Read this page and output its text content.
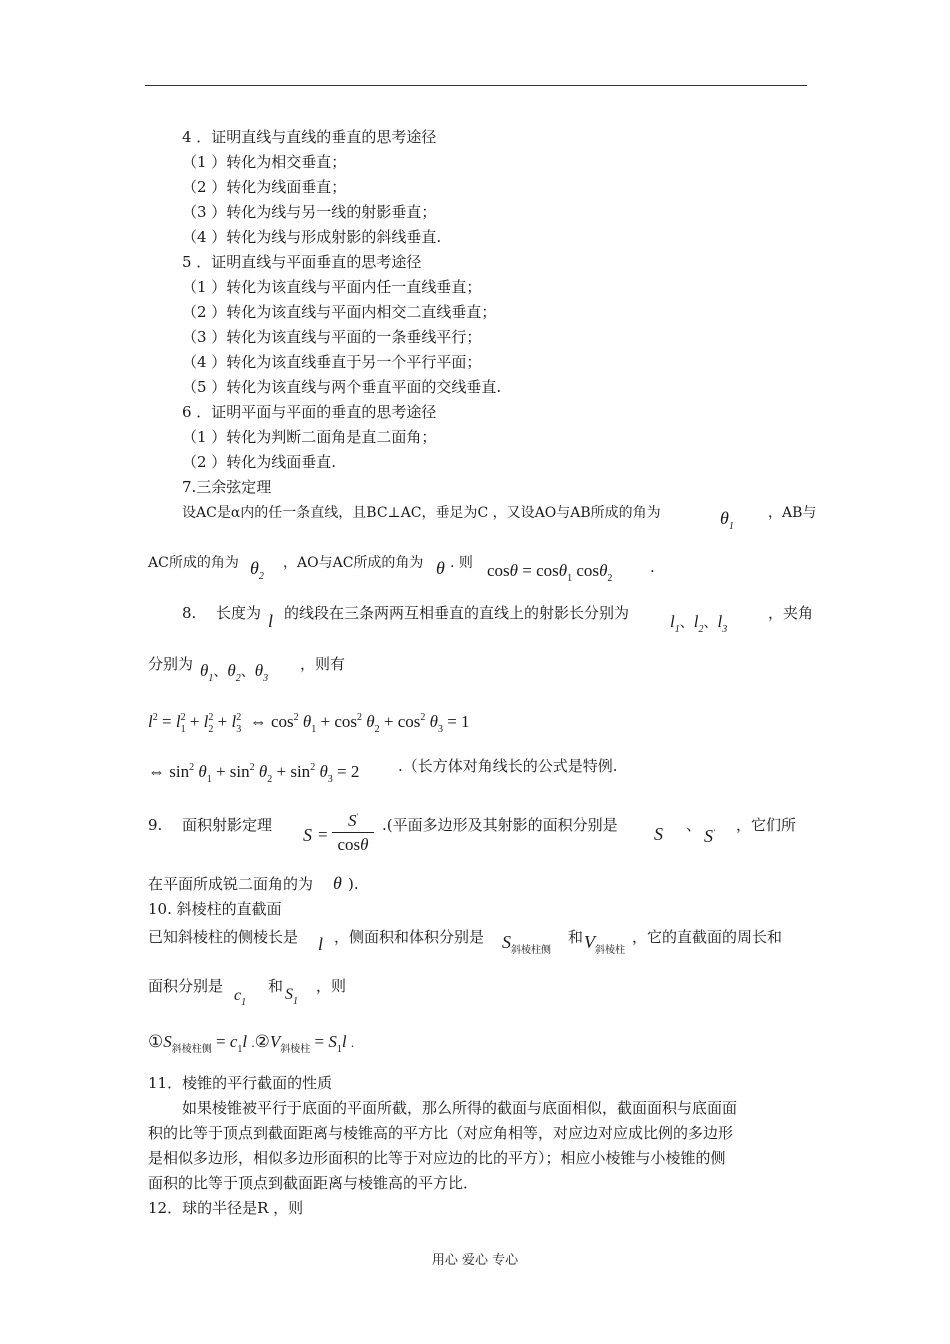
4 ．证明直线与直线的垂直的思考途径
（1 ）转化为相交垂直；
（2 ）转化为线面垂直；
（3 ）转化为线与另一线的射影垂直；
（4 ）转化为线与形成射影的斜线垂直.
5 ．证明直线与平面垂直的思考途径
（1 ）转化为该直线与平面内任一直线垂直；
（2 ）转化为该直线与平面内相交二直线垂直；
（3 ）转化为该直线与平面的一条垂线平行；
（4 ）转化为该直线垂直于另一个平行平面；
（5 ）转化为该直线与两个垂直平面的交线垂直.
6 ．证明平面与平面的垂直的思考途径
（1 ）转化为判断二面角是直二面角；
（2 ）转化为线面垂直.
7.三余弦定理
设AC是α内的任一条直线，且BC⊥AC，垂足为C ，又设AO与AB所成的角为	$\theta_1$
，AB与
AC所成的角为 $\theta_2$
，AO与AC所成的角为 θ . 则 cosθ = cosθ$_1$ cosθ$_2$
.
8. 长度为 l 的线段在三条两两互相垂直的直线上的射影长分别为 $l_1$、$l_2$、$l_3$
，夹角
分别为 $\theta_1$、$\theta_2$、$\theta_3$
，则有
$l^2 = l_1^2 + l_2^2 + l_3^2$  ⇔ $\cos^2 \theta_1 + \cos^2 \theta_2 + \cos^2 \theta_3 = 1$
⇔ $\sin^2 \theta_1 + \sin^2 \theta_2 + \sin^2 \theta_3 = 2$	.（长方体对角线长的公式是特例.
9. 面积射影定理 $S = \frac{S'}{\cos\theta}$ .(平面多边形及其射影的面积分别是 S 、
S' ，它们所
在平面所成锐二面角的为 θ ).
10. 斜棱柱的直截面
已知斜棱柱的侧棱长是 l ，侧面积和体积分别是 $S_{斜棱柱侧}$
和 $V_{斜棱柱}$
，它的直截面的周长和
面积分别是
$c_1$
和 $S_1$
，则
$①S_{斜棱柱侧} = c_1l$ $.②V_{斜棱柱} = S_1l$ .
11．棱锥的平行截面的性质
如果棱锥被平行于底面的平面所截，那么所得的截面与底面相似，截面面积与底面面
积的比等于顶点到截面距离与棱锥高的平方比（对应角相等，对应边对应成比例的多边形
是相似多边形，相似多边形面积的比等于对应边的比的平方）；相应小棱锥与小棱锥的侧
面积的比等于顶点到截面距离与棱锥高的平方比．
12．球的半径是R ，则
用心 爱心 专心
